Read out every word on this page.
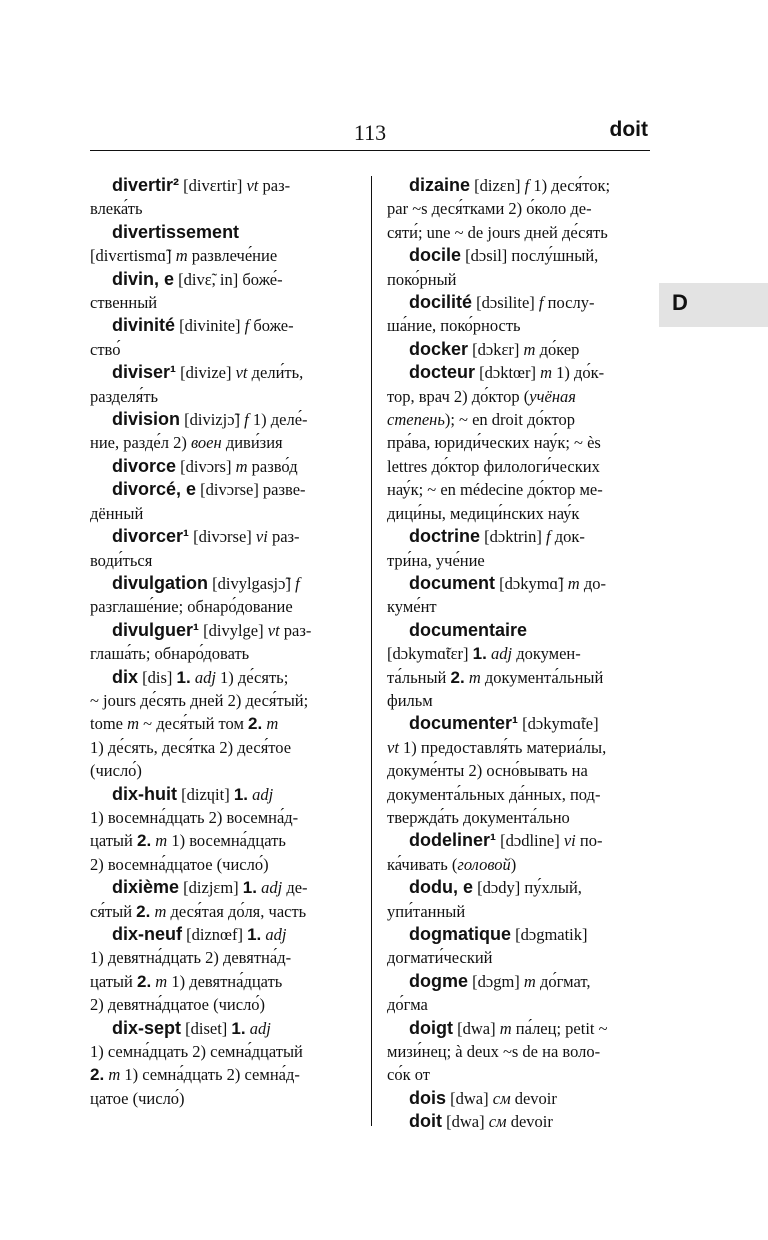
113	doit
D
divertir² [divɛrtir] vt раз-
влека́ть
divertissement
[divɛrtismɑ̃] m развлече́ние
divin, e [divɛ̃, in] боже́-
ственный
divinité [divinite] f боже-
ство́
diviser¹ [divize] vt дели́ть,
разделя́ть
division [divizjɔ̃] f 1) деле́-
ние, разде́л 2) воен диви́зия
divorce [divɔrs] m разво́д
divorcé, e [divɔrse] разве-
дённый
divorcer¹ [divɔrse] vi раз-
води́ться
divulgation [divylgasjɔ̃] f
разглаше́ние; обнаро́дование
divulguer¹ [divylge] vt раз-
глаша́ть; обнаро́довать
dix [dis] 1. adj 1) де́сять;
~ jours де́сять дней 2) деся́тый;
tome m ~ деся́тый том 2. m
1) де́сять, деся́тка 2) деся́тое
(число́)
dix-huit [dizɥit] 1. adj
1) восемна́дцать 2) восемна́д-
цатый 2. m 1) восемна́дцать
2) восемна́дцатое (число́)
dixième [dizjɛm] 1. adj де-
ся́тый 2. m деся́тая до́ля, часть
dix-neuf [diznœf] 1. adj
1) девятна́дцать 2) девятна́д-
цатый 2. m 1) девятна́дцать
2) девятна́дцатое (число́)
dix-sept [diset] 1. adj
1) семна́дцать 2) семна́дцатый
2. m 1) семна́дцать 2) семна́д-
цатое (число́)
dizaine [dizɛn] f 1) деся́ток;
par ~s деся́тками 2) о́коло де-
сяти́; une ~ de jours дней де́сять
docile [dɔsil] послу́шный,
поко́рный
docilité [dɔsilite] f послу-
ша́ние, поко́рность
docker [dɔkɛr] m до́кер
docteur [dɔktœr] m 1) до́к-
тор, врач 2) до́ктор (учёная
степень); ~ en droit до́ктор
пра́ва, юриди́ческих нау́к; ~ ès
lettres до́ктор филологи́ческих
нау́к; ~ en médecine до́ктор ме-
дици́ны, медици́нских нау́к
doctrine [dɔktrin] f док-
три́на, уче́ние
document [dɔkymɑ̃] m до-
куме́нт
documentaire
[dɔkymɑ̃tɛr] 1. adj докумен-
та́льный 2. m документа́льный
фильм
documenter¹ [dɔkymɑ̃te]
vt 1) предоставля́ть материа́лы,
докуме́нты 2) осно́вывать на
документа́льных да́нных, под-
твержда́ть документа́льно
dodeliner¹ [dɔdline] vi по-
ка́чивать (головой)
dodu, e [dɔdy] пу́хлый,
упи́танный
dogmatique [dɔgmatik]
догмати́ческий
dogme [dɔgm] m до́гмат,
до́гма
doigt [dwa] m па́лец; petit ~
мизи́нец; à deux ~s de на воло-
со́к от
dois [dwa] см devoir
doit [dwa] см devoir
